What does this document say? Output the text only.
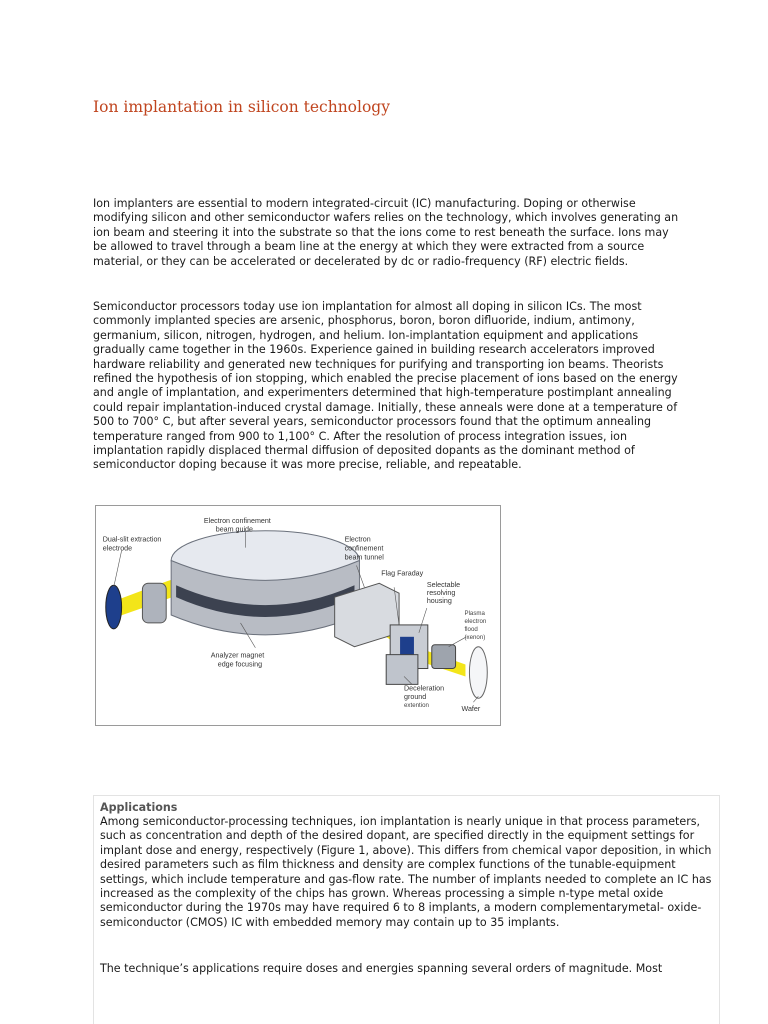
Ion implantation in silicon technology

Ion implanters are essential to modern integrated-circuit (IC) manufacturing. Doping or otherwise modifying silicon and other semiconductor wafers relies on the technology, which involves generating an ion beam and steering it into the substrate so that the ions come to rest beneath the surface. Ions may be allowed to travel through a beam line at the energy at which they were extracted from a source material, or they can be accelerated or decelerated by dc or radio-frequency (RF) electric fields.

Semiconductor processors today use ion implantation for almost all doping in silicon ICs. The most commonly implanted species are arsenic, phosphorus, boron, boron difluoride, indium, antimony, germanium, silicon, nitrogen, hydrogen, and helium. Ion-implantation equipment and applications gradually came together in the 1960s. Experience gained in building research accelerators improved hardware reliability and generated new techniques for purifying and transporting ion beams. Theorists refined the hypothesis of ion stopping, which enabled the precise placement of ions based on the energy and angle of implantation, and experimenters determined that high-temperature postimplant annealing could repair implantation-induced crystal damage. Initially, these anneals were done at a temperature of 500 to 700° C, but after several years, semiconductor processors found that the optimum annealing temperature ranged from 900 to 1,100° C. After the resolution of process integration issues, ion implantation rapidly displaced thermal diffusion of deposited dopants as the dominant method of semiconductor doping because it was more precise, reliable, and repeatable.

Dual-slit extraction
electrode
Electron confinement
beam guide
Electron
confinement
beam tunnel
Flag Faraday
Selectable
resolving
housing
Plasma
electron
flood
(xenon)
Analyzer magnet
edge focusing
Deceleration
ground
extention	Wafer
Applications

Among semiconductor-processing techniques, ion implantation is nearly unique in that process parameters, such as concentration and depth of the desired dopant, are specified directly in the equipment settings for implant dose and energy, respectively (Figure 1, above). This differs from chemical vapor deposition, in which desired parameters such as film thickness and density are complex functions of the tunable-equipment settings, which include temperature and gas-flow rate. The number of implants needed to complete an IC has increased as the complexity of the chips has grown. Whereas processing a simple n-type metal oxide semiconductor during the 1970s may have required 6 to 8 implants, a modern complementarymetal- oxide-semiconductor (CMOS) IC with embedded memory may contain up to 35 implants.

The technique’s applications require doses and energies spanning several orders of magnitude. Most
